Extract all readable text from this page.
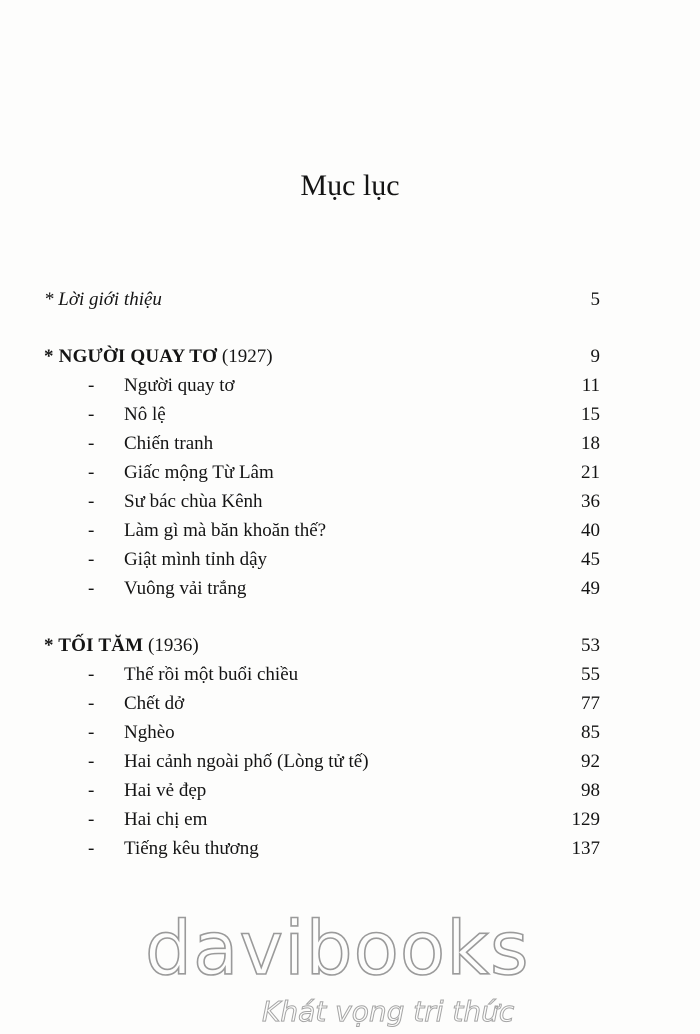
Mục lục
* Lời giới thiệu	5
* NGƯỜI QUAY TƠ (1927)	9
- Người quay tơ	11
- Nô lệ	15
- Chiến tranh	18
- Giấc mộng Từ Lâm	21
- Sư bác chùa Kênh	36
- Làm gì mà băn khoăn thế?	40
- Giật mình tỉnh dậy	45
- Vuông vải trắng	49
* TỐI TĂM (1936)	53
- Thế rồi một buổi chiều	55
- Chết dở	77
- Nghèo	85
- Hai cảnh ngoài phố (Lòng tử tế)	92
- Hai vẻ đẹp	98
- Hai chị em	129
- Tiếng kêu thương	137
davibooks
Khát vọng tri thức
